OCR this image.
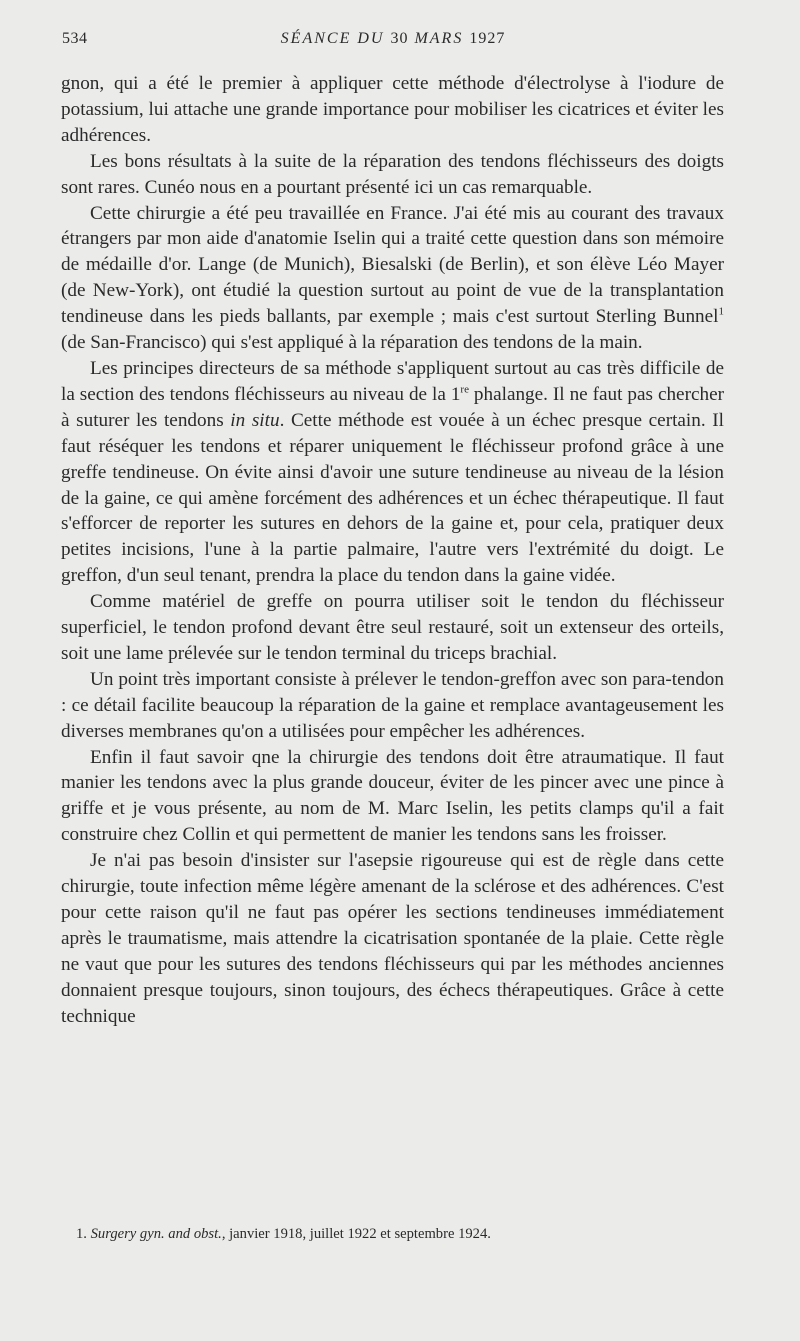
534	SÉANCE DU 30 MARS 1927

gnon, qui a été le premier à appliquer cette méthode d'électrolyse à l'iodure de potassium, lui attache une grande importance pour mobiliser les cicatrices et éviter les adhérences.

Les bons résultats à la suite de la réparation des tendons fléchisseurs des doigts sont rares. Cunéo nous en a pourtant présenté ici un cas remarquable.

Cette chirurgie a été peu travaillée en France. J'ai été mis au courant des travaux étrangers par mon aide d'anatomie Iselin qui a traité cette question dans son mémoire de médaille d'or. Lange (de Munich), Biesalski (de Berlin), et son élève Léo Mayer (de New-York), ont étudié la question surtout au point de vue de la transplantation tendineuse dans les pieds ballants, par exemple ; mais c'est surtout Sterling Bunnel$^1$ (de San-Francisco) qui s'est appliqué à la réparation des tendons de la main.

Les principes directeurs de sa méthode s'appliquent surtout au cas très difficile de la section des tendons fléchisseurs au niveau de la 1re phalange. Il ne faut pas chercher à suturer les tendons in situ. Cette méthode est vouée à un échec presque certain. Il faut réséquer les tendons et réparer uniquement le fléchisseur profond grâce à une greffe tendineuse. On évite ainsi d'avoir une suture tendineuse au niveau de la lésion de la gaine, ce qui amène forcément des adhérences et un échec thérapeutique. Il faut s'efforcer de reporter les sutures en dehors de la gaine et, pour cela, pratiquer deux petites incisions, l'une à la partie palmaire, l'autre vers l'extrémité du doigt. Le greffon, d'un seul tenant, prendra la place du tendon dans la gaine vidée.

Comme matériel de greffe on pourra utiliser soit le tendon du fléchisseur superficiel, le tendon profond devant être seul restauré, soit un extenseur des orteils, soit une lame prélevée sur le tendon terminal du triceps brachial.

Un point très important consiste à prélever le tendon-greffon avec son para-tendon : ce détail facilite beaucoup la réparation de la gaine et remplace avantageusement les diverses membranes qu'on a utilisées pour empêcher les adhérences.

Enfin il faut savoir qne la chirurgie des tendons doit être atraumatique. Il faut manier les tendons avec la plus grande douceur, éviter de les pincer avec une pince à griffe et je vous présente, au nom de M. Marc Iselin, les petits clamps qu'il a fait construire chez Collin et qui permettent de manier les tendons sans les froisser.

Je n'ai pas besoin d'insister sur l'asepsie rigoureuse qui est de règle dans cette chirurgie, toute infection même légère amenant de la sclérose et des adhérences. C'est pour cette raison qu'il ne faut pas opérer les sections tendineuses immédiatement après le traumatisme, mais attendre la cicatrisation spontanée de la plaie. Cette règle ne vaut que pour les sutures des tendons fléchisseurs qui par les méthodes anciennes donnaient presque toujours, sinon toujours, des échecs thérapeutiques. Grâce à cette technique

1. Surgery gyn. and obst., janvier 1918, juillet 1922 et septembre 1924.
